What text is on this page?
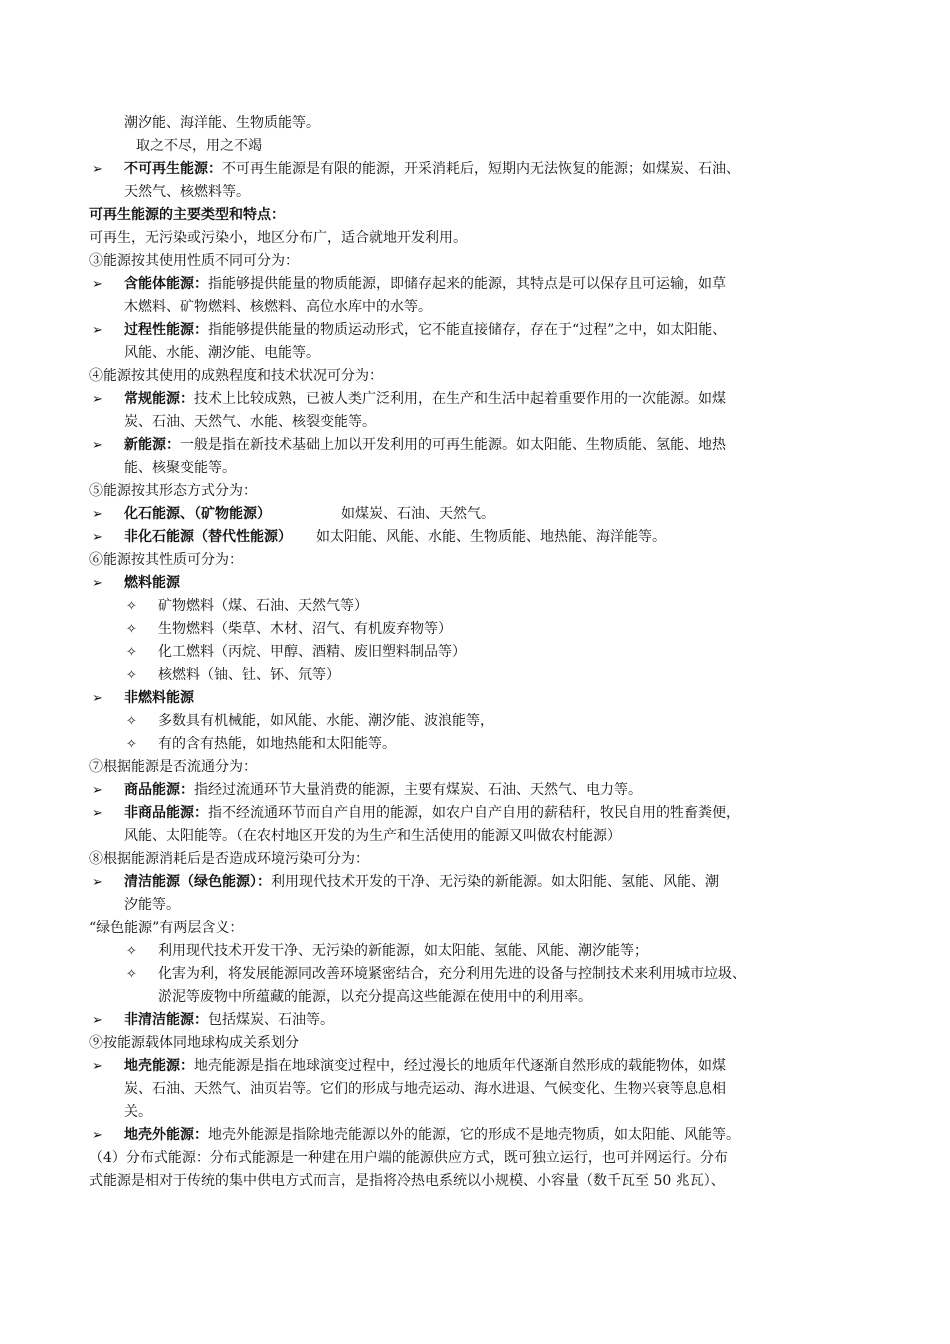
潮汐能、海洋能、生物质能等。
取之不尽，用之不竭
➢	不可再生能源：不可再生能源是有限的能源，开采消耗后，短期内无法恢复的能源；如煤炭、石油、
天然气、核燃料等。
可再生能源的主要类型和特点：
可再生，无污染或污染小，地区分布广，适合就地开发利用。
③能源按其使用性质不同可分为：
➢	含能体能源：指能够提供能量的物质能源，即储存起来的能源，其特点是可以保存且可运输，如草
木燃料、矿物燃料、核燃料、高位水库中的水等。
➢	过程性能源：指能够提供能量的物质运动形式，它不能直接储存，存在于“过程”之中，如太阳能、
风能、水能、潮汐能、电能等。
④能源按其使用的成熟程度和技术状况可分为：
➢	常规能源：技术上比较成熟，已被人类广泛利用，在生产和生活中起着重要作用的一次能源。如煤
炭、石油、天然气、水能、核裂变能等。
➢	新能源：一般是指在新技术基础上加以开发利用的可再生能源。如太阳能、生物质能、氢能、地热
能、核聚变能等。
⑤能源按其形态方式分为：
➢	化石能源、（矿物能源）	如煤炭、石油、天然气。
➢	非化石能源（替代性能源） 如太阳能、风能、水能、生物质能、地热能、海洋能等。
⑥能源按其性质可分为：
➢	燃料能源
✧ 矿物燃料（煤、石油、天然气等）
✧ 生物燃料（柴草、木材、沼气、有机废弃物等）
✧ 化工燃料（丙烷、甲醇、酒精、废旧塑料制品等）
✧ 核燃料（铀、钍、钚、氘等）
➢	非燃料能源
✧ 多数具有机械能，如风能、水能、潮汐能、波浪能等，
✧ 有的含有热能，如地热能和太阳能等。
⑦根据能源是否流通分为：
➢	商品能源：指经过流通环节大量消费的能源，主要有煤炭、石油、天然气、电力等。
➢	非商品能源：指不经流通环节而自产自用的能源，如农户自产自用的薪秸秆，牧民自用的牲畜粪便，
风能、太阳能等。（在农村地区开发的为生产和生活使用的能源又叫做农村能源）
⑧根据能源消耗后是否造成环境污染可分为：
➢	清洁能源（绿色能源）：利用现代技术开发的干净、无污染的新能源。如太阳能、氢能、风能、潮
汐能等。
“绿色能源”有两层含义：
✧ 利用现代技术开发干净、无污染的新能源，如太阳能、氢能、风能、潮汐能等；
✧ 化害为利，将发展能源同改善环境紧密结合，充分利用先进的设备与控制技术来利用城市垃圾、
淤泥等废物中所蕴藏的能源，以充分提高这些能源在使用中的利用率。
➢	非清洁能源：包括煤炭、石油等。
⑨按能源载体同地球构成关系划分
➢	地壳能源：地壳能源是指在地球演变过程中，经过漫长的地质年代逐渐自然形成的载能物体，如煤
炭、石油、天然气、油页岩等。它们的形成与地壳运动、海水进退、气候变化、生物兴衰等息息相
关。
➢	地壳外能源：地壳外能源是指除地壳能源以外的能源，它的形成不是地壳物质，如太阳能、风能等。
（4）分布式能源：分布式能源是一种建在用户端的能源供应方式，既可独立运行，也可并网运行。分布
式能源是相对于传统的集中供电方式而言，是指将冷热电系统以小规模、小容量（数千瓦至 50 兆瓦）、
